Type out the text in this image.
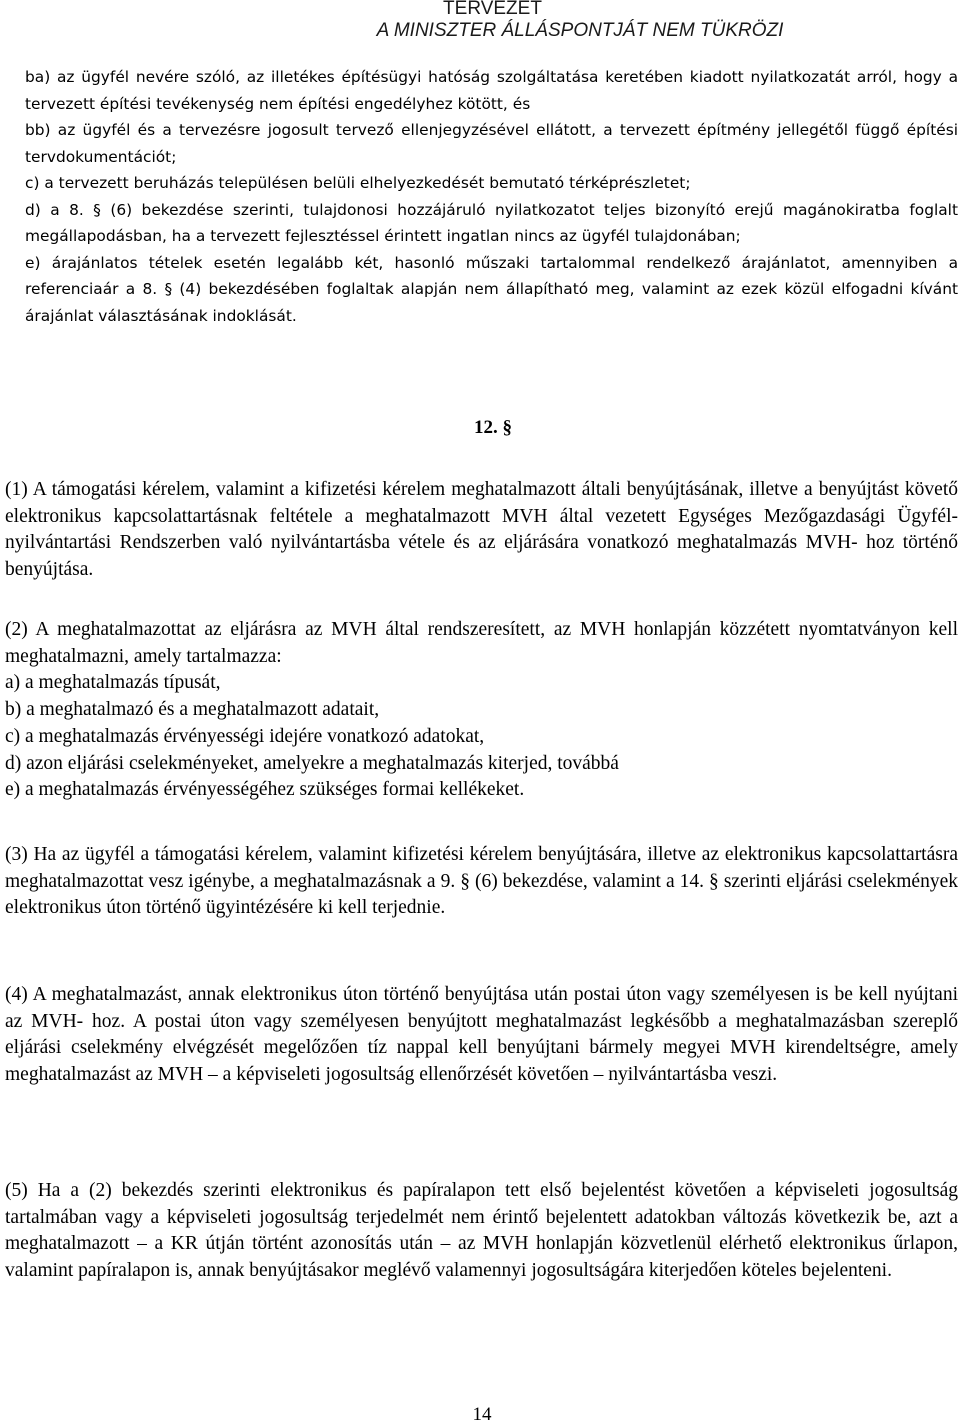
TERVEZET
A MINISZTER ÁLLÁSPONTJÁT NEM TÜKRÖZI

ba) az ügyfél nevére szóló, az illetékes építésügyi hatóság szolgáltatása keretében kiadott nyilatkozatát arról, hogy a tervezett építési tevékenység nem építési engedélyhez kötött, és

bb) az ügyfél és a tervezésre jogosult tervező ellenjegyzésével ellátott, a tervezett építmény jellegétől függő építési tervdokumentációt;

c) a tervezett beruházás településen belüli elhelyezkedését bemutató térképrészletet;

d) a 8. § (6) bekezdése szerinti, tulajdonosi hozzájáruló nyilatkozatot teljes bizonyító erejű magánokiratba foglalt megállapodásban, ha a tervezett fejlesztéssel érintett ingatlan nincs az ügyfél tulajdonában;

e) árajánlatos tételek esetén legalább két, hasonló műszaki tartalommal rendelkező árajánlatot, amennyiben a referenciaár a 8. § (4) bekezdésében foglaltak alapján nem állapítható meg, valamint az ezek közül elfogadni kívánt árajánlat választásának indoklását.

12. §

(1) A támogatási kérelem, valamint a kifizetési kérelem meghatalmazott általi benyújtásának, illetve a benyújtást követő elektronikus kapcsolattartásnak feltétele a meghatalmazott MVH által vezetett Egységes Mezőgazdasági Ügyfél-nyilvántartási Rendszerben való nyilvántartásba vétele és az eljárására vonatkozó meghatalmazás MVH- hoz történő benyújtása.

(2) A meghatalmazottat az eljárásra az MVH által rendszeresített, az MVH honlapján közzétett nyomtatványon kell meghatalmazni, amely tartalmazza:

a) a meghatalmazás típusát,

b) a meghatalmazó és a meghatalmazott adatait,

c) a meghatalmazás érvényességi idejére vonatkozó adatokat,

d) azon eljárási cselekményeket, amelyekre a meghatalmazás kiterjed, továbbá

e) a meghatalmazás érvényességéhez szükséges formai kellékeket.

(3) Ha az ügyfél a támogatási kérelem, valamint kifizetési kérelem benyújtására, illetve az elektronikus kapcsolattartásra meghatalmazottat vesz igénybe, a meghatalmazásnak a 9. § (6) bekezdése, valamint a 14. § szerinti eljárási cselekmények elektronikus úton történő ügyintézésére ki kell terjednie.

(4) A meghatalmazást, annak elektronikus úton történő benyújtása után postai úton vagy személyesen is be kell nyújtani az MVH- hoz. A postai úton vagy személyesen benyújtott meghatalmazást legkésőbb a meghatalmazásban szereplő eljárási cselekmény elvégzését megelőzően tíz nappal kell benyújtani bármely megyei MVH kirendeltségre, amely meghatalmazást az MVH – a képviseleti jogosultság ellenőrzését követően – nyilvántartásba veszi.

(5) Ha a (2) bekezdés szerinti elektronikus és papíralapon tett első bejelentést követően a képviseleti jogosultság tartalmában vagy a képviseleti jogosultság terjedelmét nem érintő bejelentett adatokban változás következik be, azt a meghatalmazott – a KR útján történt azonosítás után – az MVH honlapján közvetlenül elérhető elektronikus űrlapon, valamint papíralapon is, annak benyújtásakor meglévő valamennyi jogosultságára kiterjedően köteles bejelenteni.

14
